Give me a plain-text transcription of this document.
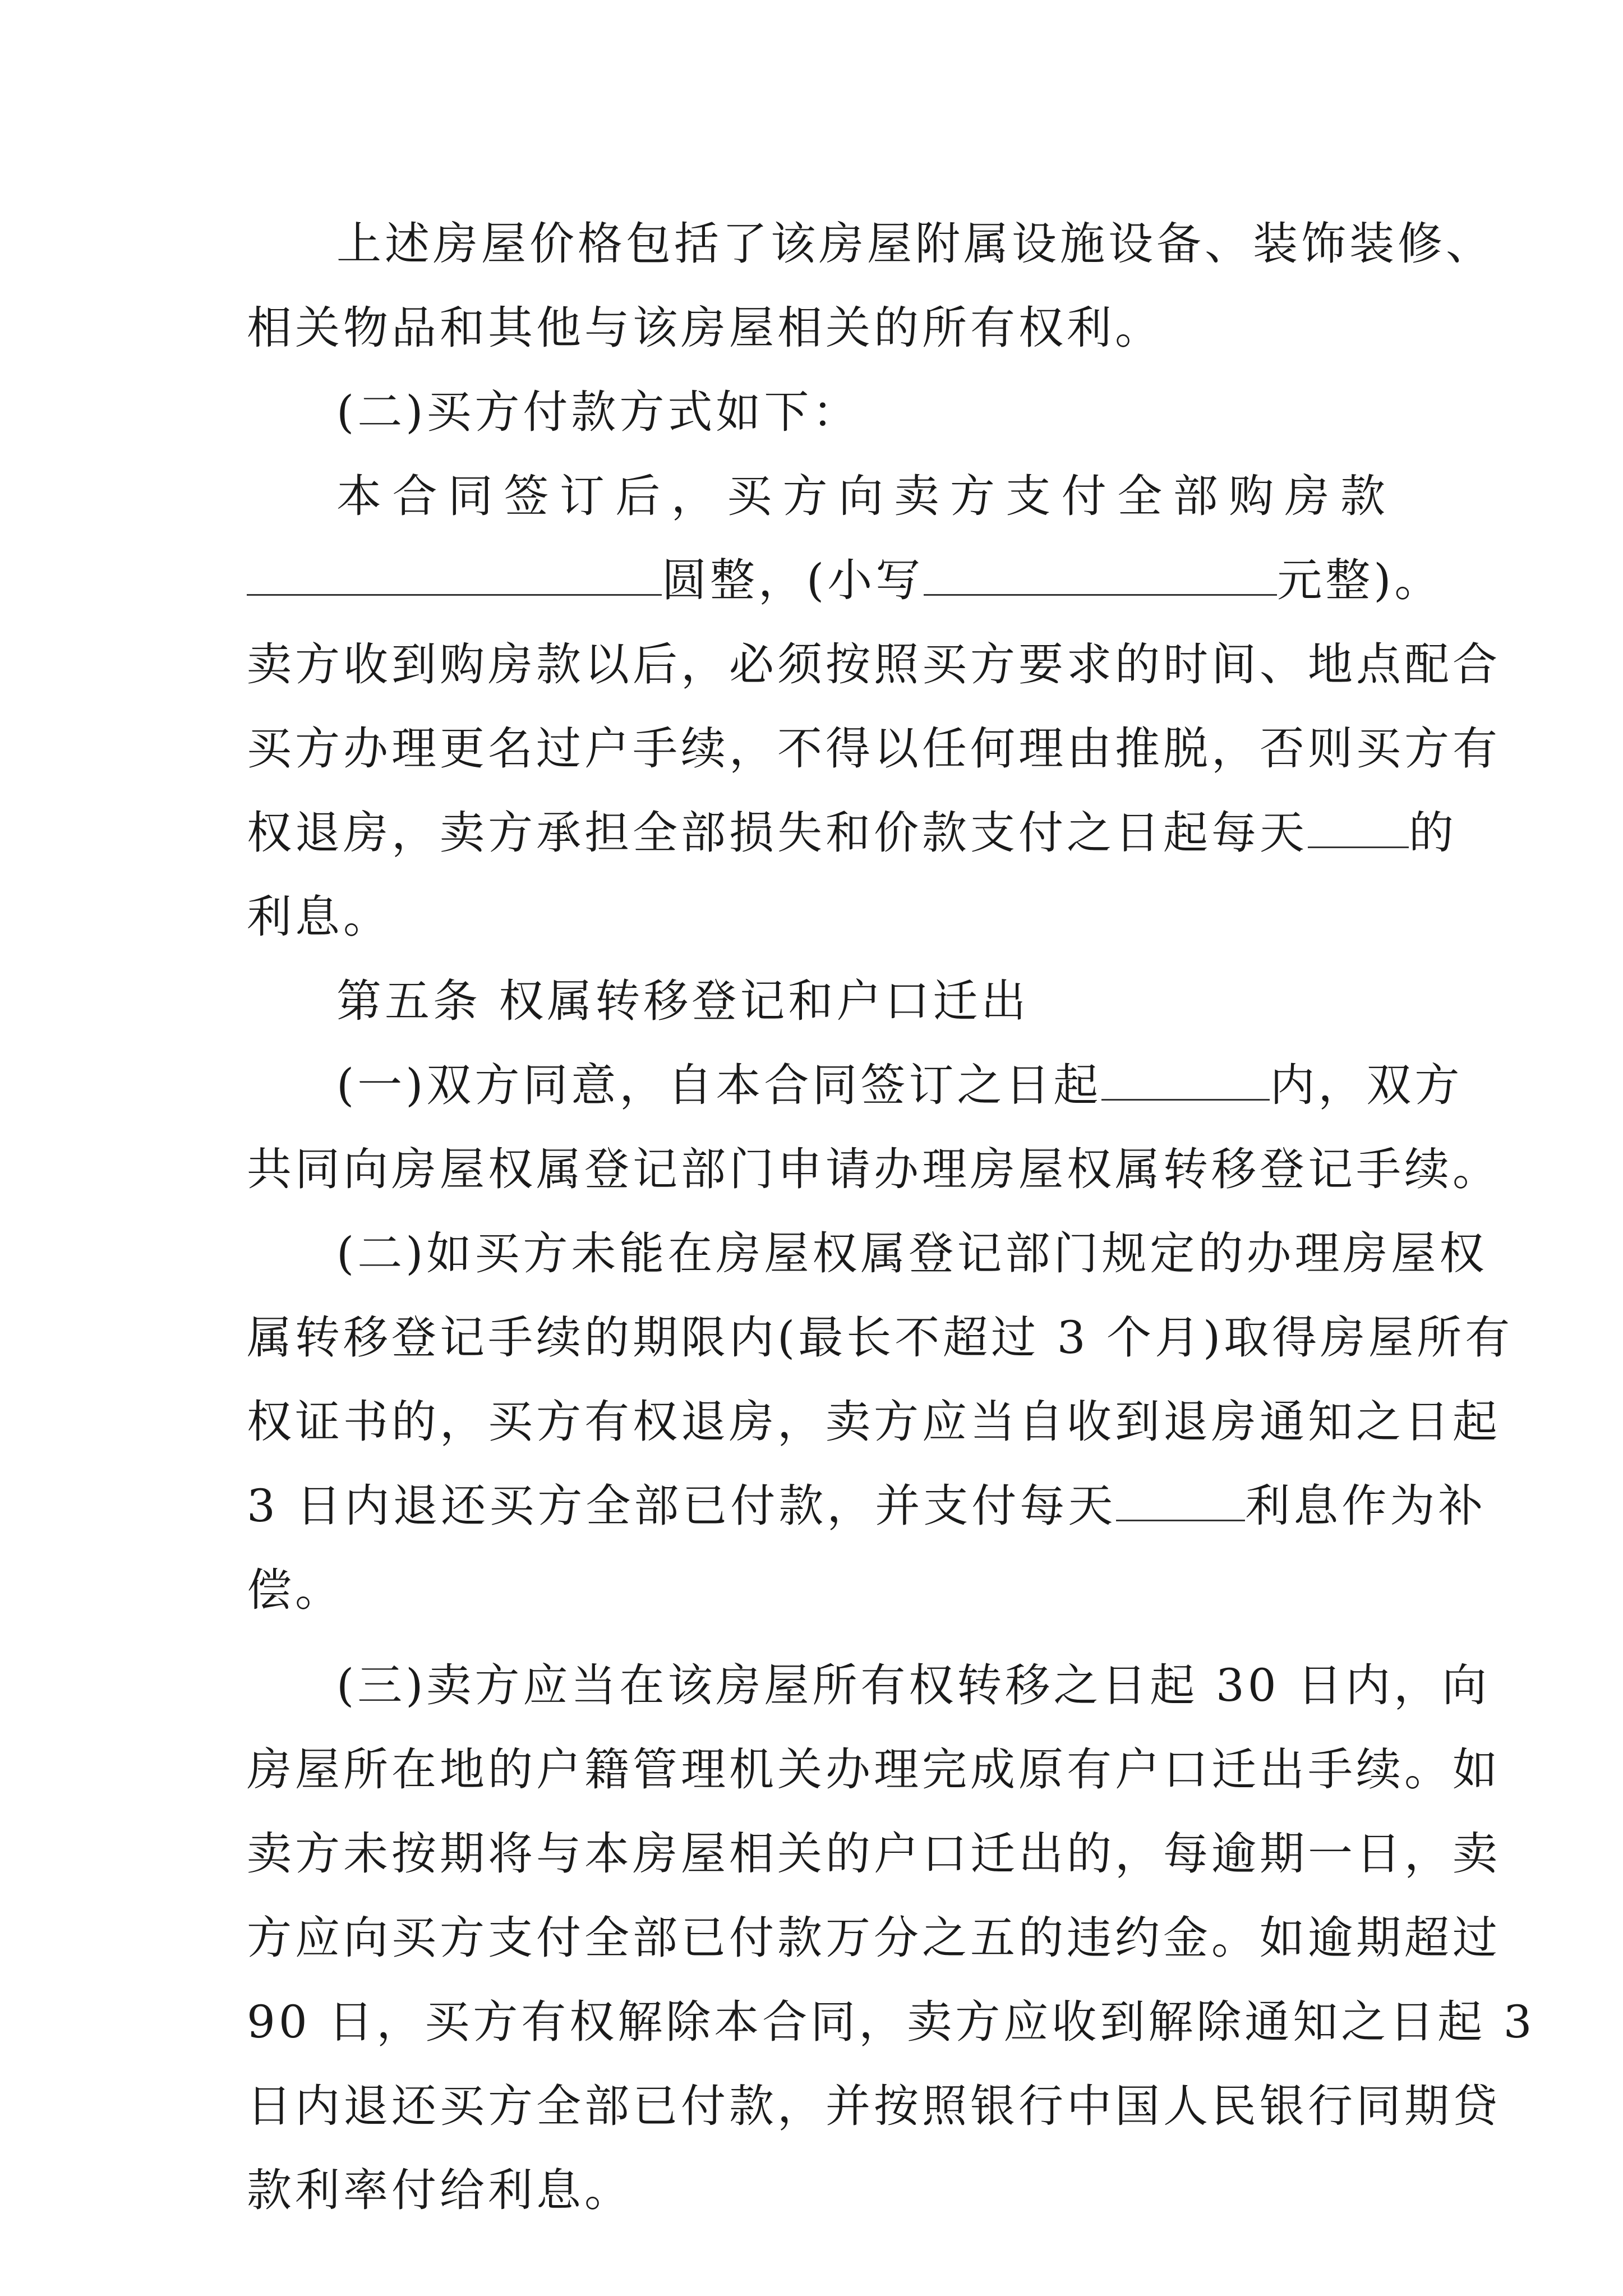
上述房屋价格包括了该房屋附属设施设备、装饰装修、
相关物品和其他与该房屋相关的所有权利。
(二)买方付款方式如下：
本合同签订后，买方向卖方支付全部购房款
圆整，(小写	元整)。
卖方收到购房款以后，必须按照买方要求的时间、地点配合
买方办理更名过户手续，不得以任何理由推脱，否则买方有
权退房，卖方承担全部损失和价款支付之日起每天 的
利息。
第五条 权属转移登记和户口迁出
(一)双方同意，自本合同签订之日起	内，双方
共同向房屋权属登记部门申请办理房屋权属转移登记手续。
(二)如买方未能在房屋权属登记部门规定的办理房屋权
属转移登记手续的期限内(最长不超过 3 个月)取得房屋所有
权证书的，买方有权退房，卖方应当自收到退房通知之日起
3 日内退还买方全部已付款，并支付每天	利息作为补
偿。
(三)卖方应当在该房屋所有权转移之日起 30 日内，向
房屋所在地的户籍管理机关办理完成原有户口迁出手续。如
卖方未按期将与本房屋相关的户口迁出的，每逾期一日，卖
方应向买方支付全部已付款万分之五的违约金。如逾期超过
90 日，买方有权解除本合同，卖方应收到解除通知之日起 3
日内退还买方全部已付款，并按照银行中国人民银行同期贷
款利率付给利息。
